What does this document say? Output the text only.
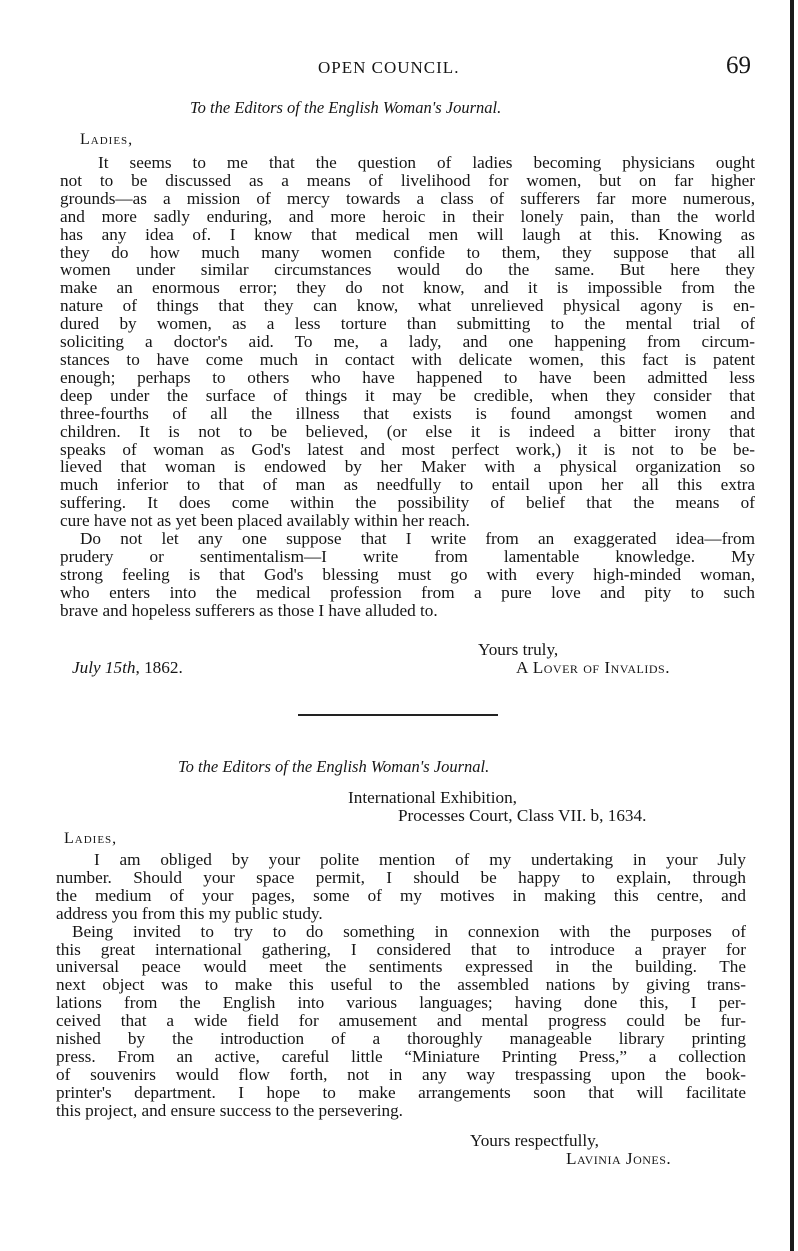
OPEN COUNCIL.	69
To the Editors of the English Woman's Journal.
Ladies,
It seems to me that the question of ladies becoming physicians ought
not to be discussed as a means of livelihood for women, but on far higher
grounds—as a mission of mercy towards a class of sufferers far more numerous,
and more sadly enduring, and more heroic in their lonely pain, than the world
has any idea of. I know that medical men will laugh at this. Knowing as
they do how much many women confide to them, they suppose that all
women under similar circumstances would do the same. But here they
make an enormous error; they do not know, and it is impossible from the
nature of things that they can know, what unrelieved physical agony is en-
dured by women, as a less torture than submitting to the mental trial of
soliciting a doctor's aid. To me, a lady, and one happening from circum-
stances to have come much in contact with delicate women, this fact is patent
enough; perhaps to others who have happened to have been admitted less
deep under the surface of things it may be credible, when they consider that
three-fourths of all the illness that exists is found amongst women and
children. It is not to be believed, (or else it is indeed a bitter irony that
speaks of woman as God's latest and most perfect work,) it is not to be be-
lieved that woman is endowed by her Maker with a physical organization so
much inferior to that of man as needfully to entail upon her all this extra
suffering. It does come within the possibility of belief that the means of
cure have not as yet been placed availably within her reach.
Do not let any one suppose that I write from an exaggerated idea—from
prudery or sentimentalism—I write from lamentable knowledge. My
strong feeling is that God's blessing must go with every high-minded woman,
who enters into the medical profession from a pure love and pity to such
brave and hopeless sufferers as those I have alluded to.
Yours truly,
July 15th, 1862.	A Lover of Invalids.
To the Editors of the English Woman's Journal.
International Exhibition,
Processes Court, Class VII. b, 1634.
Ladies,
I am obliged by your polite mention of my undertaking in your July
number. Should your space permit, I should be happy to explain, through
the medium of your pages, some of my motives in making this centre, and
address you from this my public study.
Being invited to try to do something in connexion with the purposes of
this great international gathering, I considered that to introduce a prayer for
universal peace would meet the sentiments expressed in the building. The
next object was to make this useful to the assembled nations by giving trans-
lations from the English into various languages; having done this, I per-
ceived that a wide field for amusement and mental progress could be fur-
nished by the introduction of a thoroughly manageable library printing
press. From an active, careful little “Miniature Printing Press,” a collection
of souvenirs would flow forth, not in any way trespassing upon the book-
printer's department. I hope to make arrangements soon that will facilitate
this project, and ensure success to the persevering.
Yours respectfully,
Lavinia Jones.
